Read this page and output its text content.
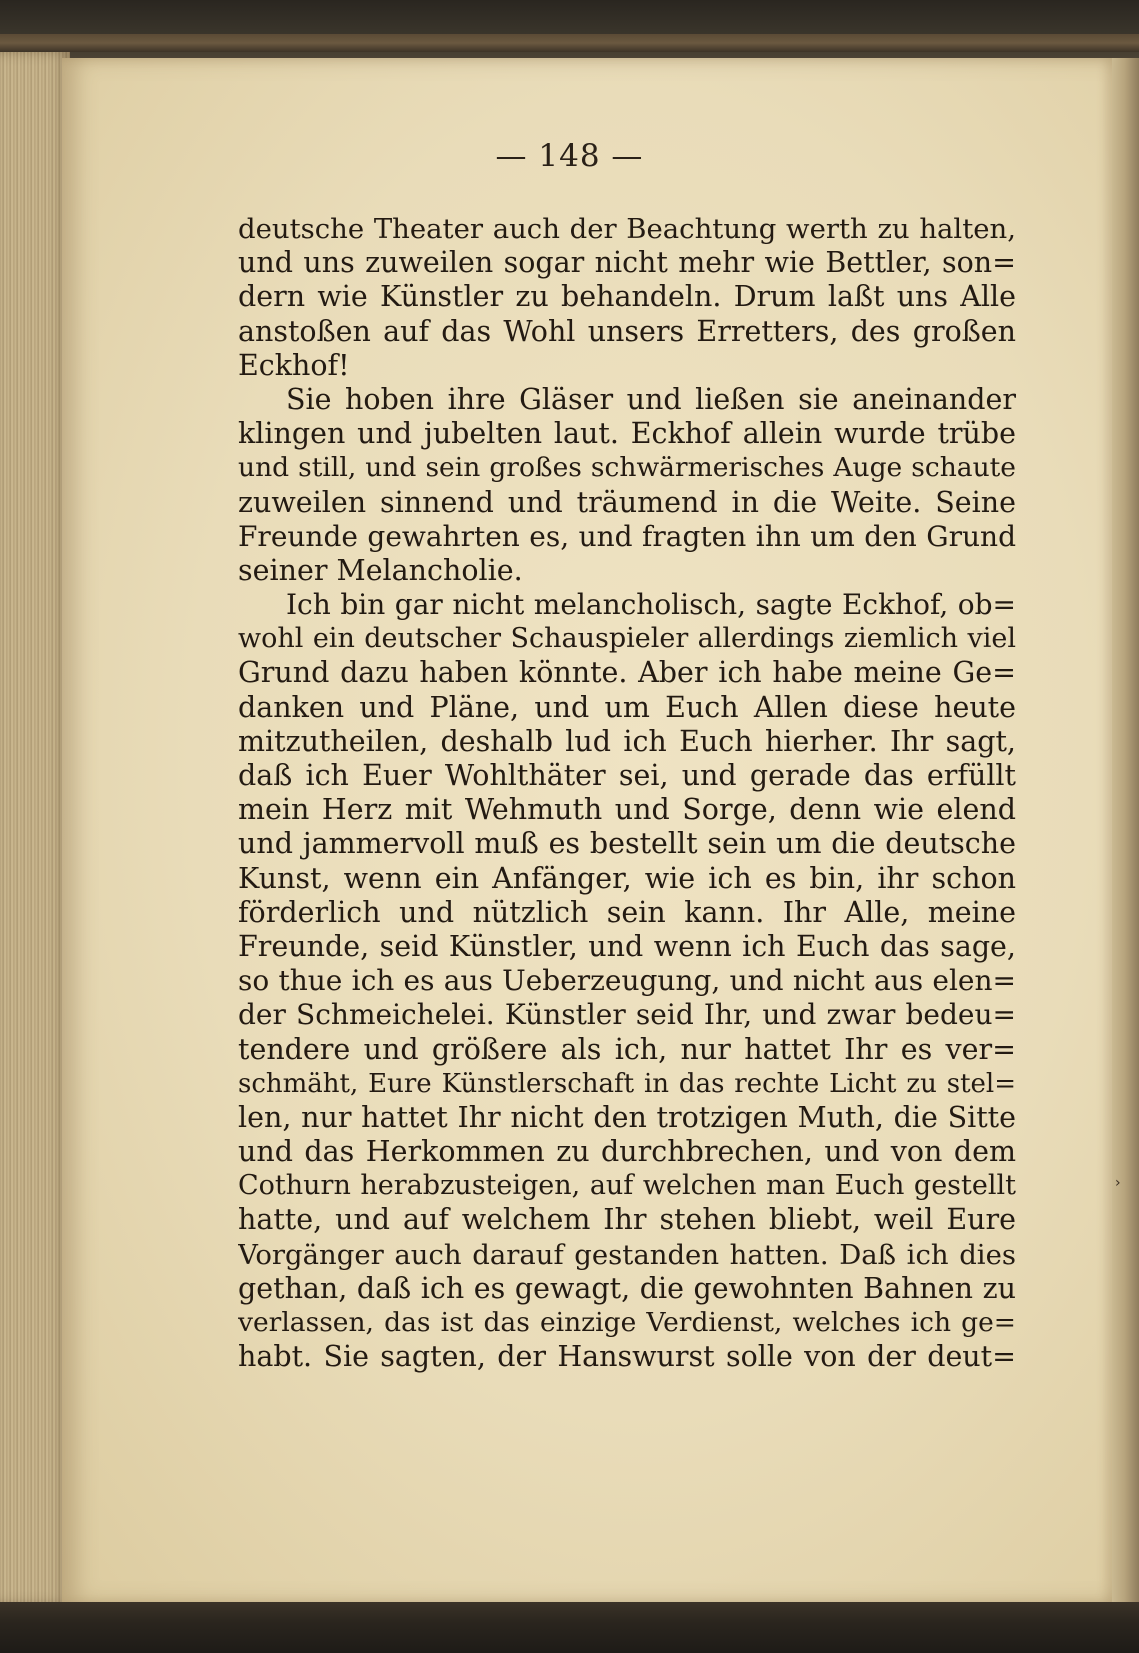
— 148 —
deutsche Theater auch der Beachtung werth zu halten,
und uns zuweilen sogar nicht mehr wie Bettler, son=
dern wie Künstler zu behandeln. Drum laßt uns Alle
anstoßen auf das Wohl unsers Erretters, des großen
Eckhof!
Sie hoben ihre Gläser und ließen sie aneinander
klingen und jubelten laut. Eckhof allein wurde trübe
und still, und sein großes schwärmerisches Auge schaute
zuweilen sinnend und träumend in die Weite. Seine
Freunde gewahrten es, und fragten ihn um den Grund
seiner Melancholie.
Ich bin gar nicht melancholisch, sagte Eckhof, ob=
wohl ein deutscher Schauspieler allerdings ziemlich viel
Grund dazu haben könnte. Aber ich habe meine Ge=
danken und Pläne, und um Euch Allen diese heute
mitzutheilen, deshalb lud ich Euch hierher. Ihr sagt,
daß ich Euer Wohlthäter sei, und gerade das erfüllt
mein Herz mit Wehmuth und Sorge, denn wie elend
und jammervoll muß es bestellt sein um die deutsche
Kunst, wenn ein Anfänger, wie ich es bin, ihr schon
förderlich und nützlich sein kann. Ihr Alle, meine
Freunde, seid Künstler, und wenn ich Euch das sage,
so thue ich es aus Ueberzeugung, und nicht aus elen=
der Schmeichelei. Künstler seid Ihr, und zwar bedeu=
tendere und größere als ich, nur hattet Ihr es ver=
schmäht, Eure Künstlerschaft in das rechte Licht zu stel=
len, nur hattet Ihr nicht den trotzigen Muth, die Sitte
und das Herkommen zu durchbrechen, und von dem
Cothurn herabzusteigen, auf welchen man Euch gestellt
hatte, und auf welchem Ihr stehen bliebt, weil Eure
Vorgänger auch darauf gestanden hatten. Daß ich dies
gethan, daß ich es gewagt, die gewohnten Bahnen zu
verlassen, das ist das einzige Verdienst, welches ich ge=
habt. Sie sagten, der Hanswurst solle von der deut=
›
